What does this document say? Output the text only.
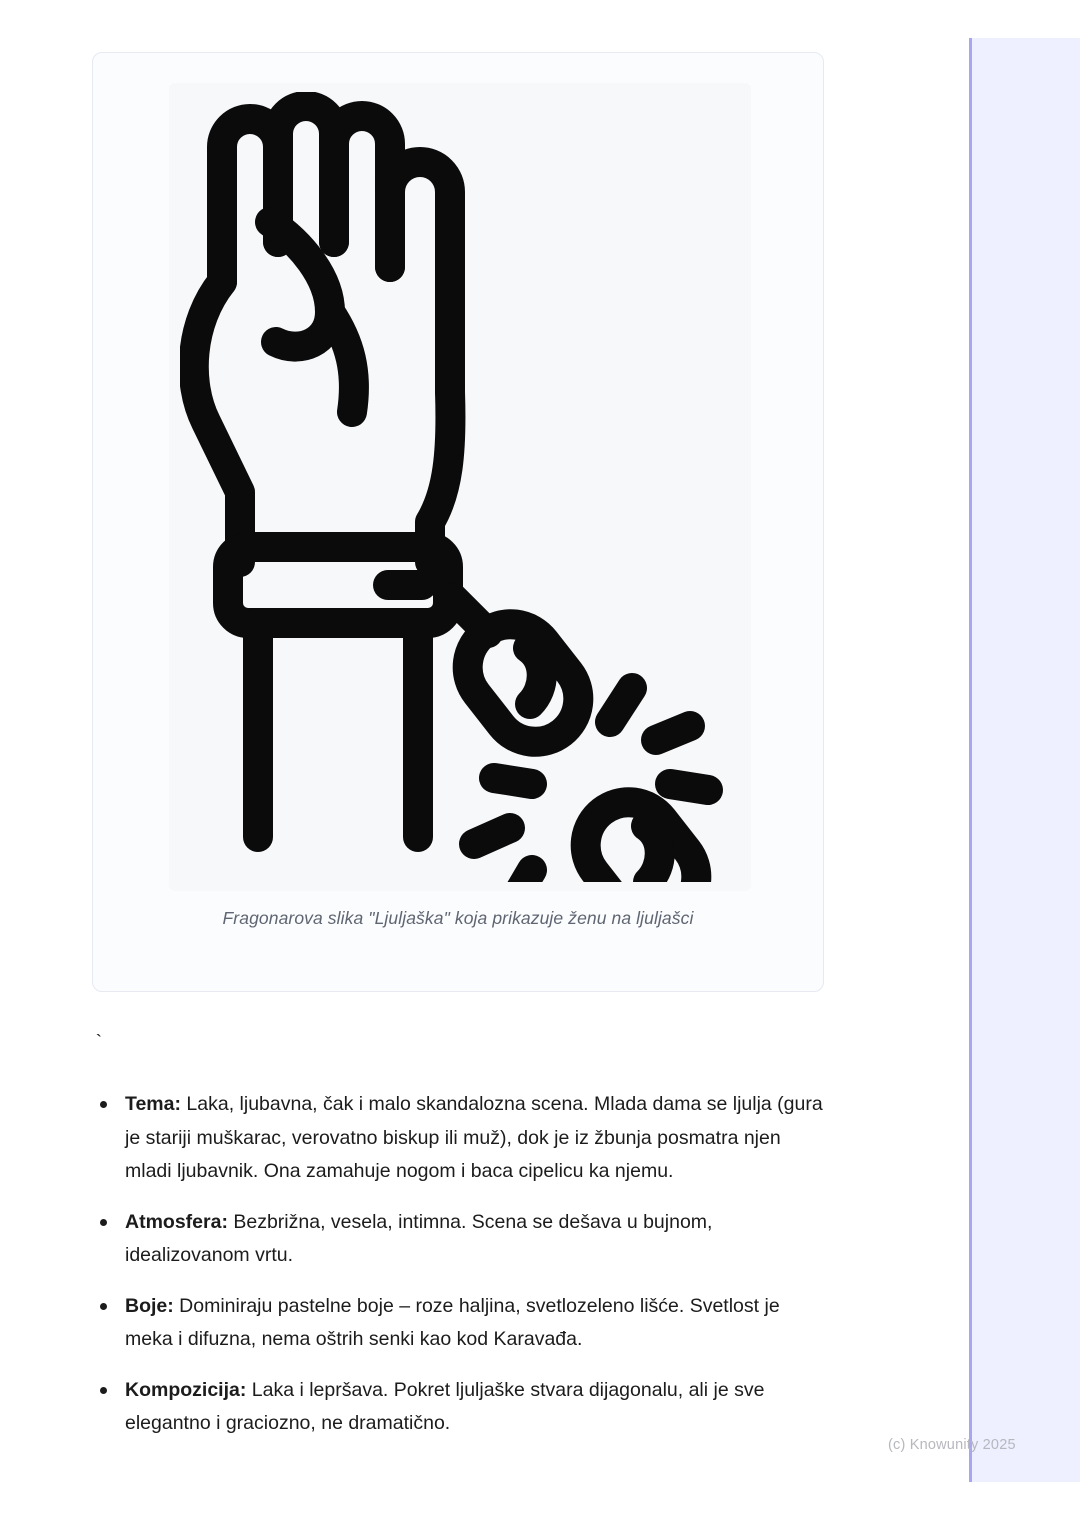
Fragonarova slika "Ljuljaška" koja prikazuje ženu na ljuljašci
`
Tema: Laka, ljubavna, čak i malo skandalozna scena. Mlada dama se ljulja (gura je stariji muškarac, verovatno biskup ili muž), dok je iz žbunja posmatra njen mladi ljubavnik. Ona zamahuje nogom i baca cipelicu ka njemu.
Atmosfera: Bezbrižna, vesela, intimna. Scena se dešava u bujnom, idealizovanom vrtu.
Boje: Dominiraju pastelne boje – roze haljina, svetlozeleno lišće. Svetlost je meka i difuzna, nema oštrih senki kao kod Karavađa.
Kompozicija: Laka i lepršava. Pokret ljuljaške stvara dijagonalu, ali je sve elegantno i graciozno, ne dramatično.
(c) Knowunity 2025
